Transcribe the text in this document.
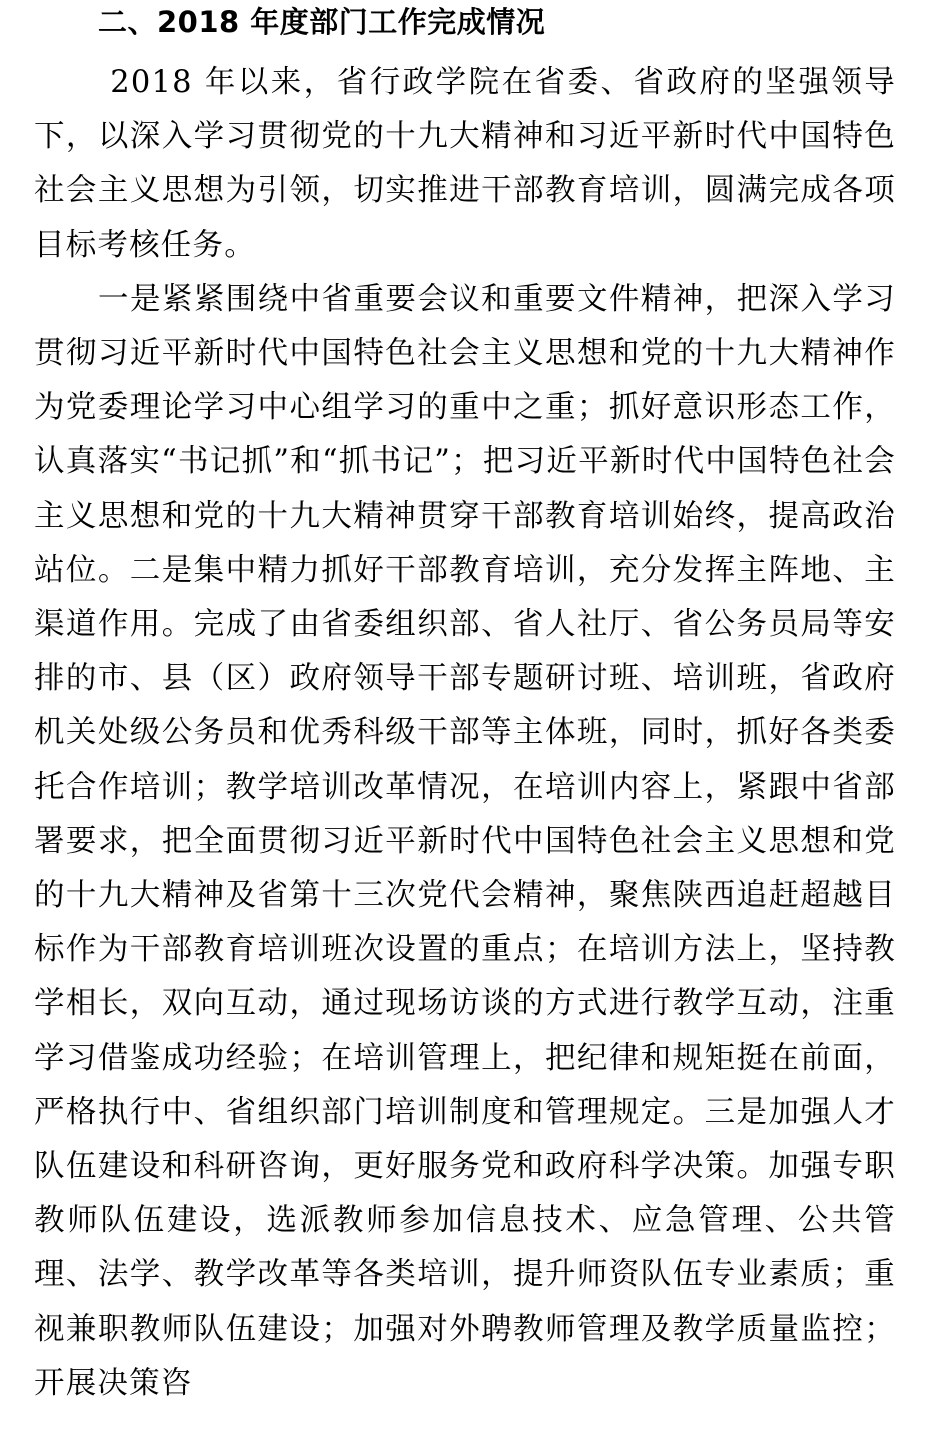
二、2018 年度部门工作完成情况

2018 年以来，省行政学院在省委、省政府的坚强领导下，以深入学习贯彻党的十九大精神和习近平新时代中国特色社会主义思想为引领，切实推进干部教育培训，圆满完成各项目标考核任务。

一是紧紧围绕中省重要会议和重要文件精神，把深入学习贯彻习近平新时代中国特色社会主义思想和党的十九大精神作为党委理论学习中心组学习的重中之重；抓好意识形态工作，认真落实“书记抓”和“抓书记”；把习近平新时代中国特色社会主义思想和党的十九大精神贯穿干部教育培训始终，提高政治站位。二是集中精力抓好干部教育培训，充分发挥主阵地、主渠道作用。完成了由省委组织部、省人社厅、省公务员局等安排的市、县（区）政府领导干部专题研讨班、培训班，省政府机关处级公务员和优秀科级干部等主体班，同时，抓好各类委托合作培训；教学培训改革情况，在培训内容上，紧跟中省部署要求，把全面贯彻习近平新时代中国特色社会主义思想和党的十九大精神及省第十三次党代会精神，聚焦陕西追赶超越目标作为干部教育培训班次设置的重点；在培训方法上，坚持教学相长，双向互动，通过现场访谈的方式进行教学互动，注重学习借鉴成功经验；在培训管理上，把纪律和规矩挺在前面，严格执行中、省组织部门培训制度和管理规定。三是加强人才队伍建设和科研咨询，更好服务党和政府科学决策。加强专职教师队伍建设，选派教师参加信息技术、应急管理、公共管理、法学、教学改革等各类培训，提升师资队伍专业素质；重视兼职教师队伍建设；加强对外聘教师管理及教学质量监控；开展决策咨
